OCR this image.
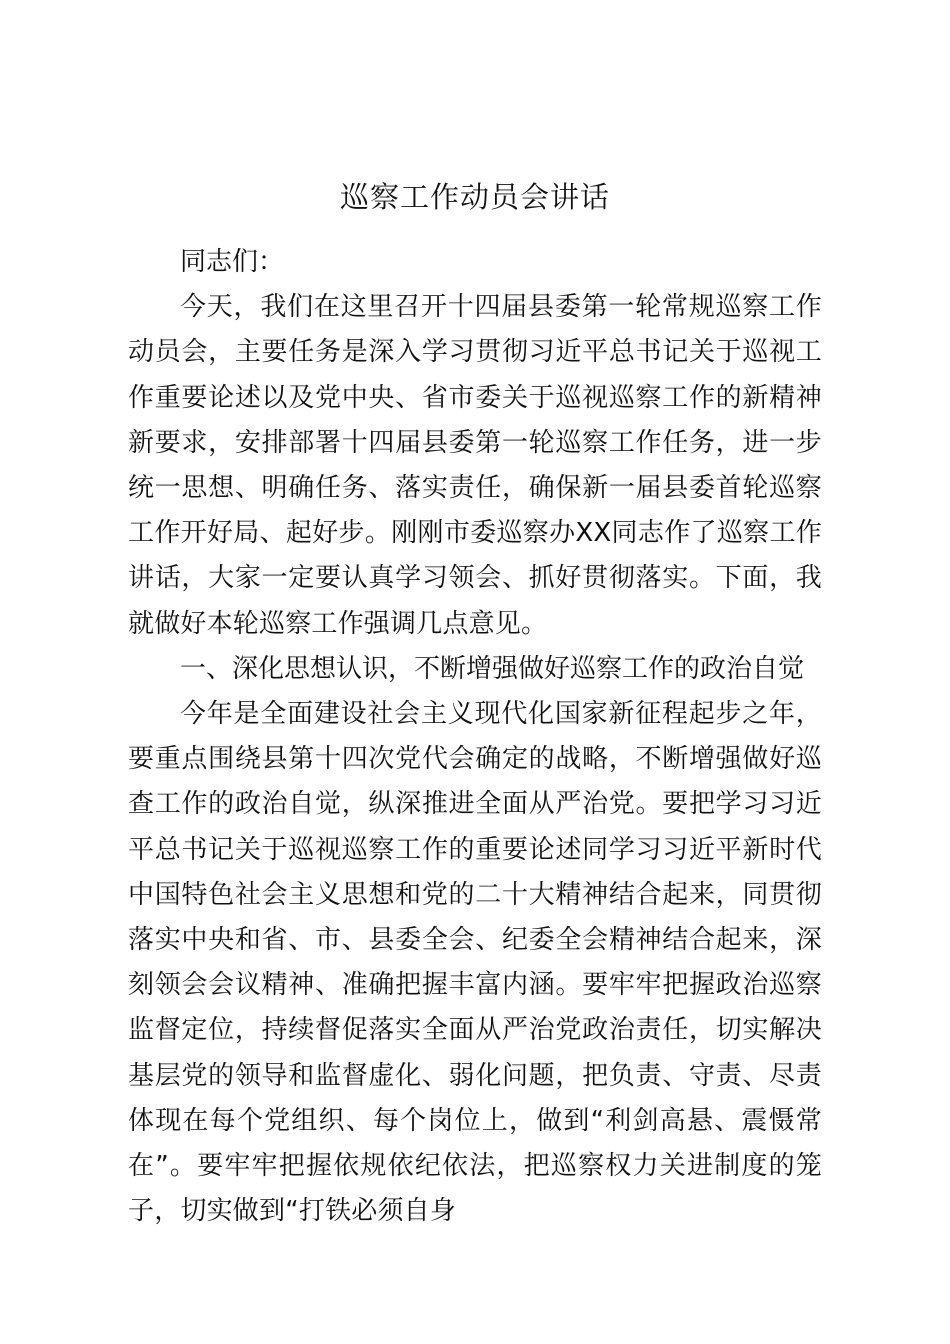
巡察工作动员会讲话

同志们：

今天，我们在这里召开十四届县委第一轮常规巡察工作动员会，主要任务是深入学习贯彻习近平总书记关于巡视工作重要论述以及党中央、省市委关于巡视巡察工作的新精神新要求，安排部署十四届县委第一轮巡察工作任务，进一步统一思想、明确任务、落实责任，确保新一届县委首轮巡察工作开好局、起好步。刚刚市委巡察办XX同志作了巡察工作讲话，大家一定要认真学习领会、抓好贯彻落实。下面，我就做好本轮巡察工作强调几点意见。

一、深化思想认识，不断增强做好巡察工作的政治自觉

今年是全面建设社会主义现代化国家新征程起步之年，要重点围绕县第十四次党代会确定的战略，不断增强做好巡查工作的政治自觉，纵深推进全面从严治党。要把学习习近平总书记关于巡视巡察工作的重要论述同学习习近平新时代中国特色社会主义思想和党的二十大精神结合起来，同贯彻落实中央和省、市、县委全会、纪委全会精神结合起来，深刻领会会议精神、准确把握丰富内涵。要牢牢把握政治巡察监督定位，持续督促落实全面从严治党政治责任，切实解决基层党的领导和监督虚化、弱化问题，把负责、守责、尽责体现在每个党组织、每个岗位上，做到“利剑高悬、震慑常在”。要牢牢把握依规依纪依法，把巡察权力关进制度的笼子，切实做到“打铁必须自身
